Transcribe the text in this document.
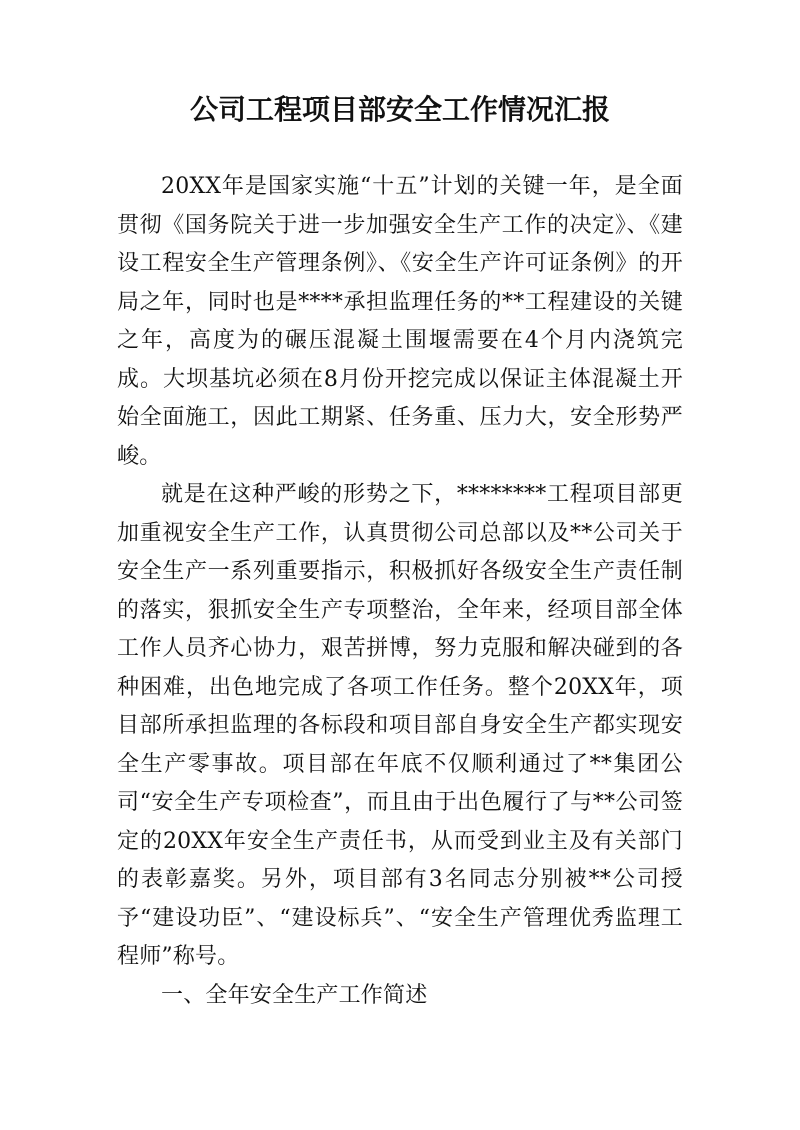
公司工程项目部安全工作情况汇报

20XX年是国家实施“十五”计划的关键一年，是全面贯彻《国务院关于进一步加强安全生产工作的决定》、《建设工程安全生产管理条例》、《安全生产许可证条例》的开局之年，同时也是****承担监理任务的**工程建设的关键之年，高度为的碾压混凝土围堰需要在4个月内浇筑完成。大坝基坑必须在8月份开挖完成以保证主体混凝土开始全面施工，因此工期紧、任务重、压力大，安全形势严峻。

就是在这种严峻的形势之下，********工程项目部更加重视安全生产工作，认真贯彻公司总部以及**公司关于安全生产一系列重要指示，积极抓好各级安全生产责任制的落实，狠抓安全生产专项整治，全年来，经项目部全体工作人员齐心协力，艰苦拼博，努力克服和解决碰到的各种困难，出色地完成了各项工作任务。整个20XX年，项目部所承担监理的各标段和项目部自身安全生产都实现安全生产零事故。项目部在年底不仅顺利通过了**集团公司“安全生产专项检查”，而且由于出色履行了与**公司签定的20XX年安全生产责任书，从而受到业主及有关部门的表彰嘉奖。另外，项目部有3名同志分别被**公司授予“建设功臣”、“建设标兵”、“安全生产管理优秀监理工程师”称号。

一、全年安全生产工作简述
